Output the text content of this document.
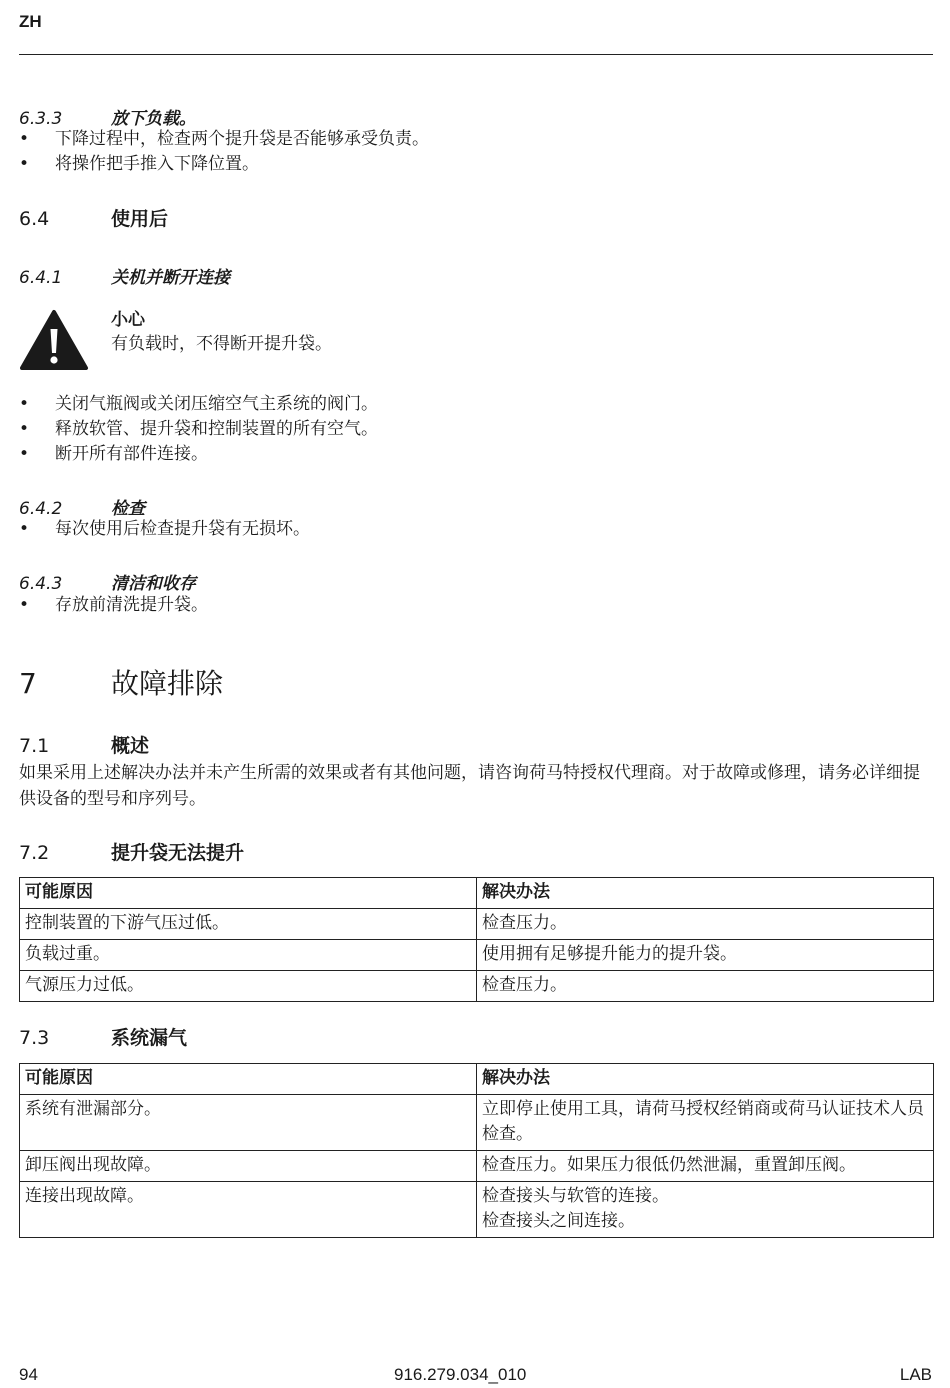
ZH
6.3.3	放下负载。
• 下降过程中，检查两个提升袋是否能够承受负责。
• 将操作把手推入下降位置。
6.4	使用后
6.4.1	关机并断开连接
小心
有负载时，不得断开提升袋。
• 关闭气瓶阀或关闭压缩空气主系统的阀门。
• 释放软管、提升袋和控制装置的所有空气。
• 断开所有部件连接。
6.4.2	检查
• 每次使用后检查提升袋有无损坏。
6.4.3	清洁和收存
• 存放前清洗提升袋。
7	故障排除
7.1	概述
如果采用上述解决办法并未产生所需的效果或者有其他问题，请咨询荷马特授权代理商。对于故障或修理，请务必详细提供设备的型号和序列号。
7.2	提升袋无法提升
可能原因	解决办法
控制装置的下游气压过低。	检查压力。
负载过重。	使用拥有足够提升能力的提升袋。
气源压力过低。	检查压力。
7.3	系统漏气
可能原因	解决办法
系统有泄漏部分。	立即停止使用工具，请荷马授权经销商或荷马认证技术人员检查。
卸压阀出现故障。	检查压力。如果压力很低仍然泄漏，重置卸压阀。
连接出现故障。	检查接头与软管的连接。
检查接头之间连接。
94	916.279.034_010	LAB
